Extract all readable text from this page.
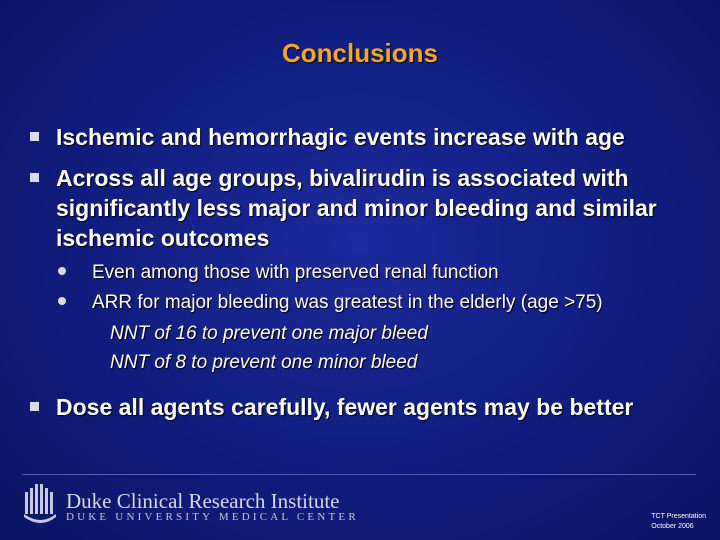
Conclusions
Ischemic and hemorrhagic events increase with age
Across all age groups, bivalirudin is associated with significantly less major and minor bleeding and similar ischemic outcomes
Even among those with preserved renal function
ARR for major bleeding was greatest in the elderly (age >75)
NNT of 16 to prevent one major bleed
NNT of 8 to prevent one minor bleed
Dose all agents carefully, fewer agents may be better
Duke Clinical Research Institute
DUKE UNIVERSITY MEDICAL CENTER	TCT Presentation
October 2006
